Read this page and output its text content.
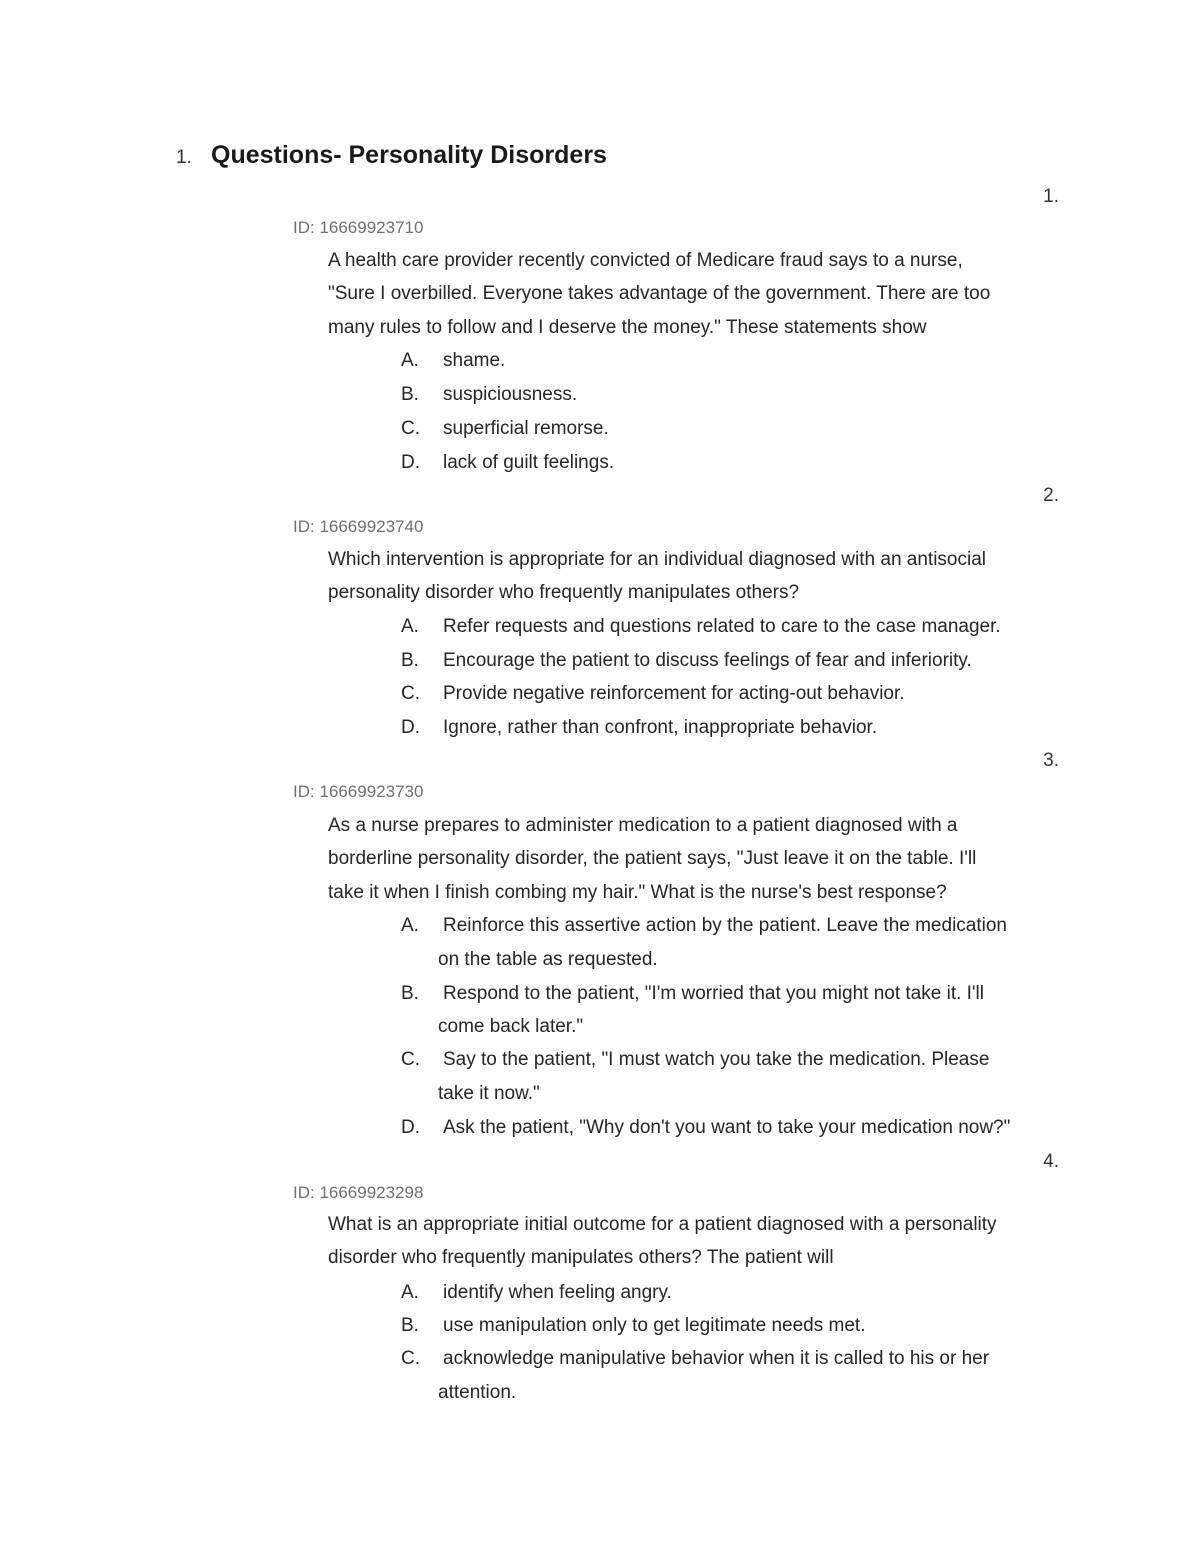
1. Questions- Personality Disorders
1.
ID: 16669923710
A health care provider recently convicted of Medicare fraud says to a nurse,
"Sure I overbilled. Everyone takes advantage of the government. There are too
many rules to follow and I deserve the money." These statements show
A. shame.
B. suspiciousness.
C. superficial remorse.
D. lack of guilt feelings.
2.
ID: 16669923740
Which intervention is appropriate for an individual diagnosed with an antisocial
personality disorder who frequently manipulates others?
A. Refer requests and questions related to care to the case manager.
B. Encourage the patient to discuss feelings of fear and inferiority.
C. Provide negative reinforcement for acting-out behavior.
D. Ignore, rather than confront, inappropriate behavior.
3.
ID: 16669923730
As a nurse prepares to administer medication to a patient diagnosed with a
borderline personality disorder, the patient says, "Just leave it on the table. I'll
take it when I finish combing my hair." What is the nurse's best response?
A. Reinforce this assertive action by the patient. Leave the medication
on the table as requested.
B. Respond to the patient, "I'm worried that you might not take it. I'll
come back later."
C. Say to the patient, "I must watch you take the medication. Please
take it now."
D. Ask the patient, "Why don't you want to take your medication now?"
4.
ID: 16669923298
What is an appropriate initial outcome for a patient diagnosed with a personality
disorder who frequently manipulates others? The patient will
A. identify when feeling angry.
B. use manipulation only to get legitimate needs met.
C. acknowledge manipulative behavior when it is called to his or her
attention.
